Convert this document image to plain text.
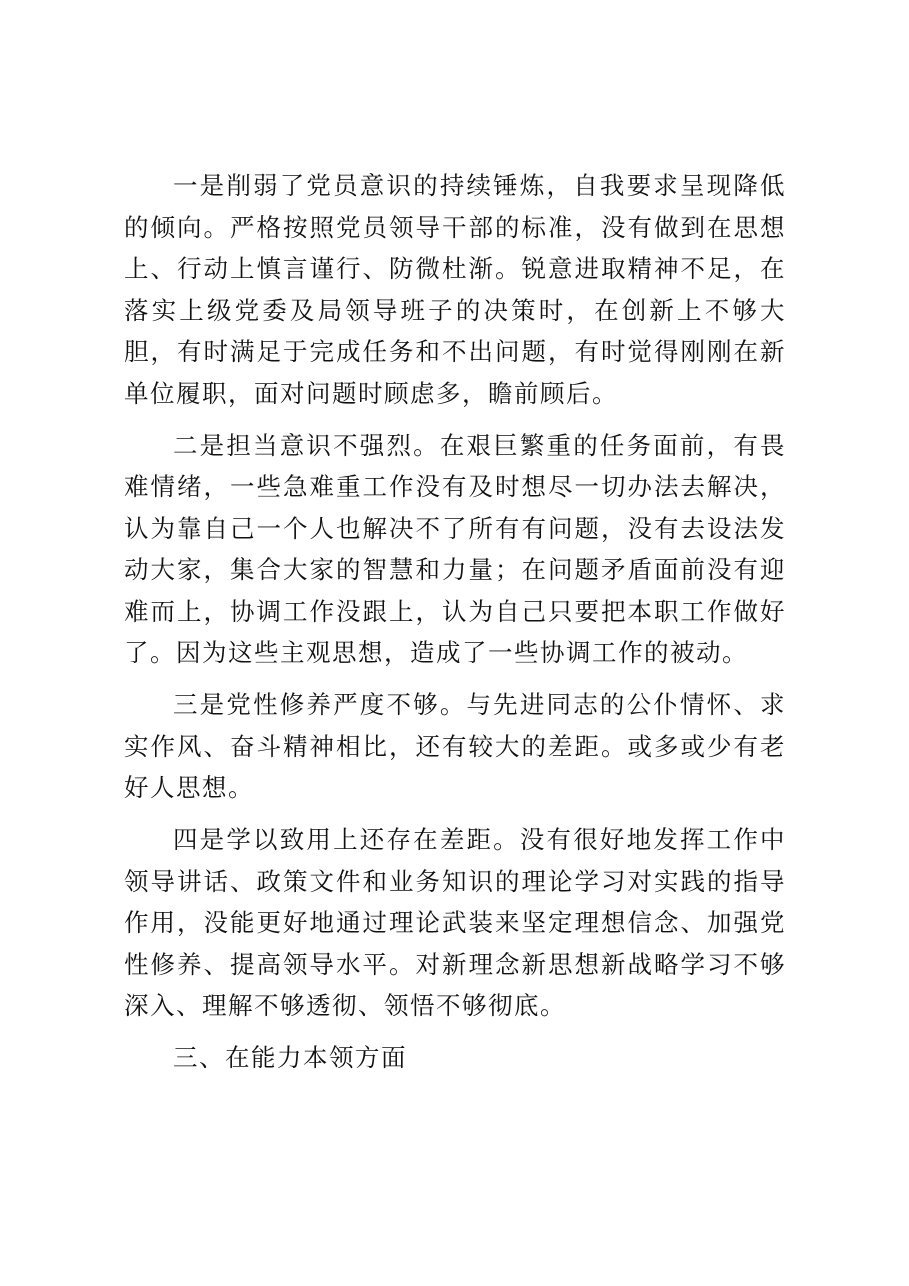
一是削弱了党员意识的持续锤炼，自我要求呈现降低的倾向。严格按照党员领导干部的标准，没有做到在思想上、行动上慎言谨行、防微杜渐。锐意进取精神不足，在落实上级党委及局领导班子的决策时，在创新上不够大胆，有时满足于完成任务和不出问题，有时觉得刚刚在新单位履职，面对问题时顾虑多，瞻前顾后。

二是担当意识不强烈。在艰巨繁重的任务面前，有畏难情绪，一些急难重工作没有及时想尽一切办法去解决，认为靠自己一个人也解决不了所有有问题，没有去设法发动大家，集合大家的智慧和力量；在问题矛盾面前没有迎难而上，协调工作没跟上，认为自己只要把本职工作做好了。因为这些主观思想，造成了一些协调工作的被动。

三是党性修养严度不够。与先进同志的公仆情怀、求实作风、奋斗精神相比，还有较大的差距。或多或少有老好人思想。

四是学以致用上还存在差距。没有很好地发挥工作中领导讲话、政策文件和业务知识的理论学习对实践的指导作用，没能更好地通过理论武装来坚定理想信念、加强党性修养、提高领导水平。对新理念新思想新战略学习不够深入、理解不够透彻、领悟不够彻底。

三、在能力本领方面
